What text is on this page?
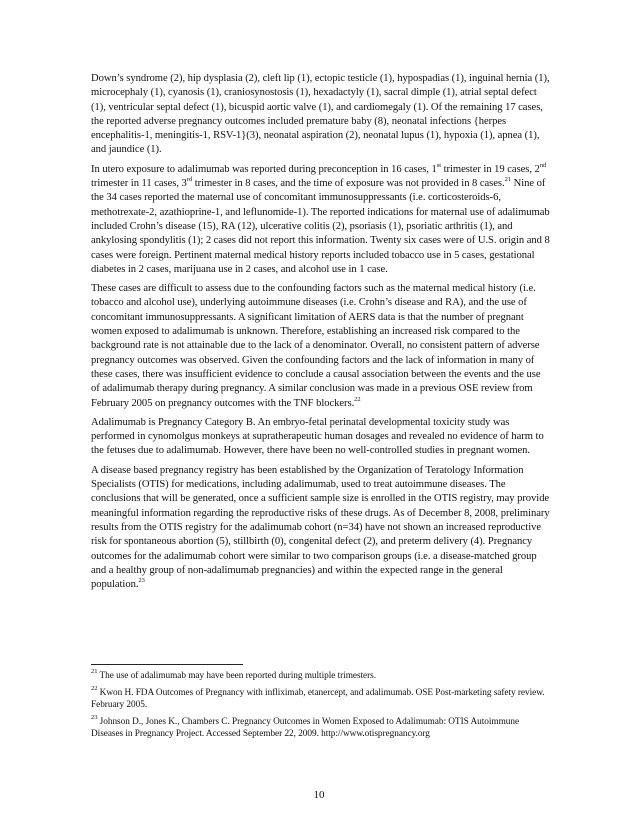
Down’s syndrome (2), hip dysplasia (2), cleft lip (1), ectopic testicle (1), hypospadias (1), inguinal hernia (1), microcephaly (1), cyanosis (1), craniosynostosis (1), hexadactyly (1), sacral dimple (1), atrial septal defect (1), ventricular septal defect (1), bicuspid aortic valve (1), and cardiomegaly (1). Of the remaining 17 cases, the reported adverse pregnancy outcomes included premature baby (8), neonatal infections {herpes encephalitis-1, meningitis-1, RSV-1}(3), neonatal aspiration (2), neonatal lupus (1), hypoxia (1), apnea (1), and jaundice (1).

In utero exposure to adalimumab was reported during preconception in 16 cases, 1st trimester in 19 cases, 2nd trimester in 11 cases, 3rd trimester in 8 cases, and the time of exposure was not provided in 8 cases.$^{21}$ Nine of the 34 cases reported the maternal use of concomitant immunosuppressants (i.e. corticosteroids-6, methotrexate-2, azathioprine-1, and leflunomide-1). The reported indications for maternal use of adalimumab included Crohn’s disease (15), RA (12), ulcerative colitis (2), psoriasis (1), psoriatic arthritis (1), and ankylosing spondylitis (1); 2 cases did not report this information. Twenty six cases were of U.S. origin and 8 cases were foreign. Pertinent maternal medical history reports included tobacco use in 5 cases, gestational diabetes in 2 cases, marijuana use in 2 cases, and alcohol use in 1 case.

These cases are difficult to assess due to the confounding factors such as the maternal medical history (i.e. tobacco and alcohol use), underlying autoimmune diseases (i.e. Crohn’s disease and RA), and the use of concomitant immunosuppressants. A significant limitation of AERS data is that the number of pregnant women exposed to adalimumab is unknown. Therefore, establishing an increased risk compared to the background rate is not attainable due to the lack of a denominator. Overall, no consistent pattern of adverse pregnancy outcomes was observed. Given the confounding factors and the lack of information in many of these cases, there was insufficient evidence to conclude a causal association between the events and the use of adalimumab therapy during pregnancy. A similar conclusion was made in a previous OSE review from February 2005 on pregnancy outcomes with the TNF blockers.$^{22}$

Adalimumab is Pregnancy Category B. An embryo-fetal perinatal developmental toxicity study was performed in cynomolgus monkeys at supratherapeutic human dosages and revealed no evidence of harm to the fetuses due to adalimumab. However, there have been no well-controlled studies in pregnant women.

A disease based pregnancy registry has been established by the Organization of Teratology Information Specialists (OTIS) for medications, including adalimumab, used to treat autoimmune diseases. The conclusions that will be generated, once a sufficient sample size is enrolled in the OTIS registry, may provide meaningful information regarding the reproductive risks of these drugs. As of December 8, 2008, preliminary results from the OTIS registry for the adalimumab cohort (n=34) have not shown an increased reproductive risk for spontaneous abortion (5), stillbirth (0), congenital defect (2), and preterm delivery (4). Pregnancy outcomes for the adalimumab cohort were similar to two comparison groups (i.e. a disease-matched group and a healthy group of non-adalimumab pregnancies) and within the expected range in the general population.$^{23}$

$^{21}$ The use of adalimumab may have been reported during multiple trimesters.

$^{22}$ Kwon H. FDA Outcomes of Pregnancy with infliximab, etanercept, and adalimumab. OSE Post-marketing safety review. February 2005.

$^{23}$ Johnson D., Jones K., Chambers C. Pregnancy Outcomes in Women Exposed to Adalimumab: OTIS Autoimmune Diseases in Pregnancy Project. Accessed September 22, 2009. http://www.otispregnancy.org

10
